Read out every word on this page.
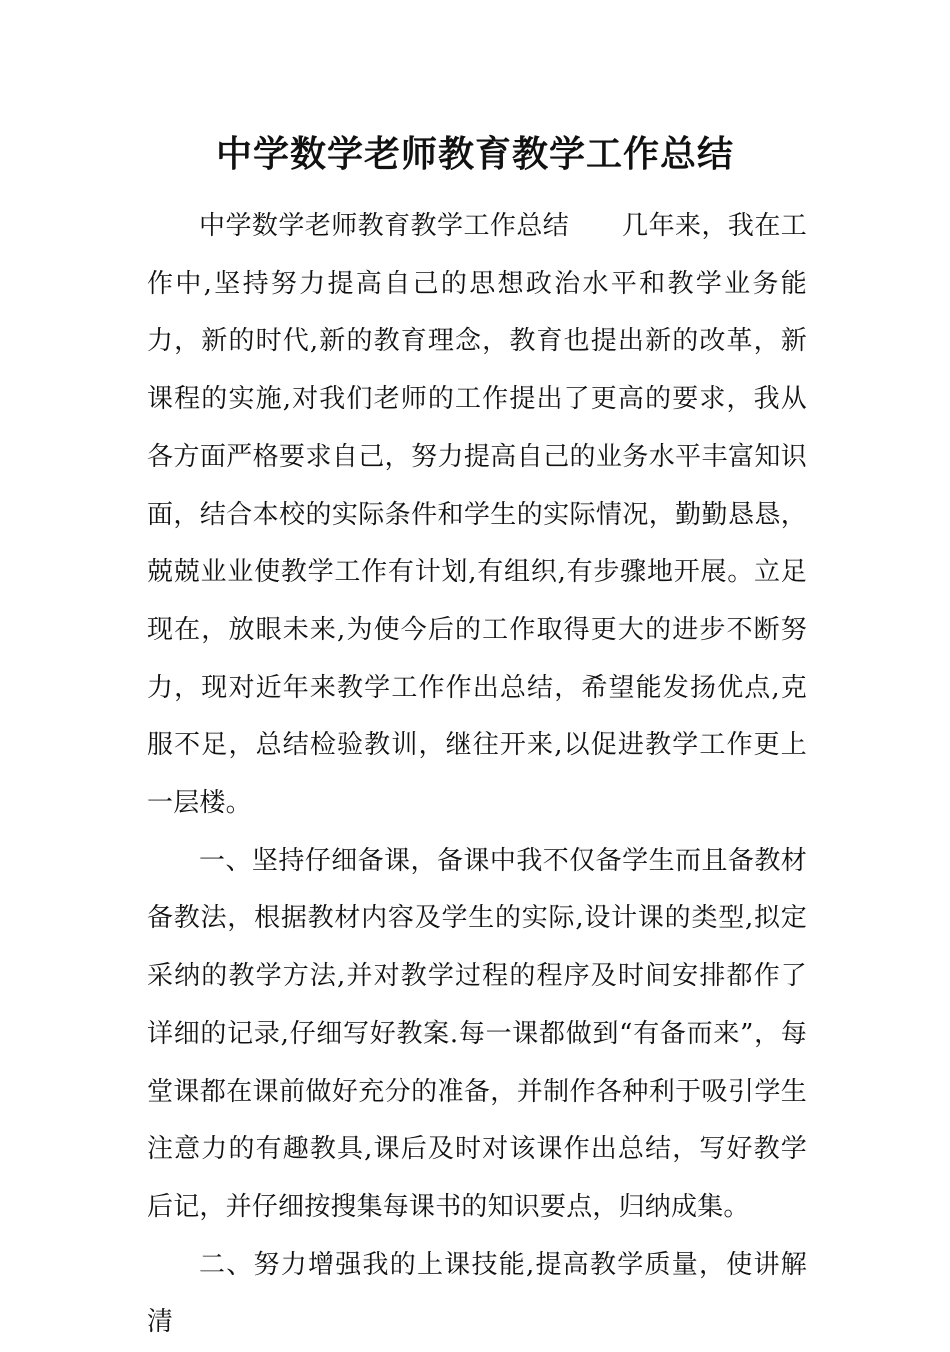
中学数学老师教育教学工作总结

中学数学老师教育教学工作总结　　几年来，我在工作中,坚持努力提高自己的思想政治水平和教学业务能力，新的时代,新的教育理念，教育也提出新的改革，新课程的实施,对我们老师的工作提出了更高的要求，我从各方面严格要求自己，努力提高自己的业务水平丰富知识面，结合本校的实际条件和学生的实际情况，勤勤恳恳，兢兢业业使教学工作有计划,有组织,有步骤地开展。立足现在，放眼未来,为使今后的工作取得更大的进步不断努力，现对近年来教学工作作出总结，希望能发扬优点,克服不足，总结检验教训，继往开来,以促进教学工作更上一层楼。

一、坚持仔细备课，备课中我不仅备学生而且备教材备教法，根据教材内容及学生的实际,设计课的类型,拟定采纳的教学方法,并对教学过程的程序及时间安排都作了详细的记录,仔细写好教案.每一课都做到“有备而来”，每堂课都在课前做好充分的准备，并制作各种利于吸引学生注意力的有趣教具,课后及时对该课作出总结，写好教学后记，并仔细按搜集每课书的知识要点，归纳成集。

二、努力增强我的上课技能,提高教学质量，使讲解清
